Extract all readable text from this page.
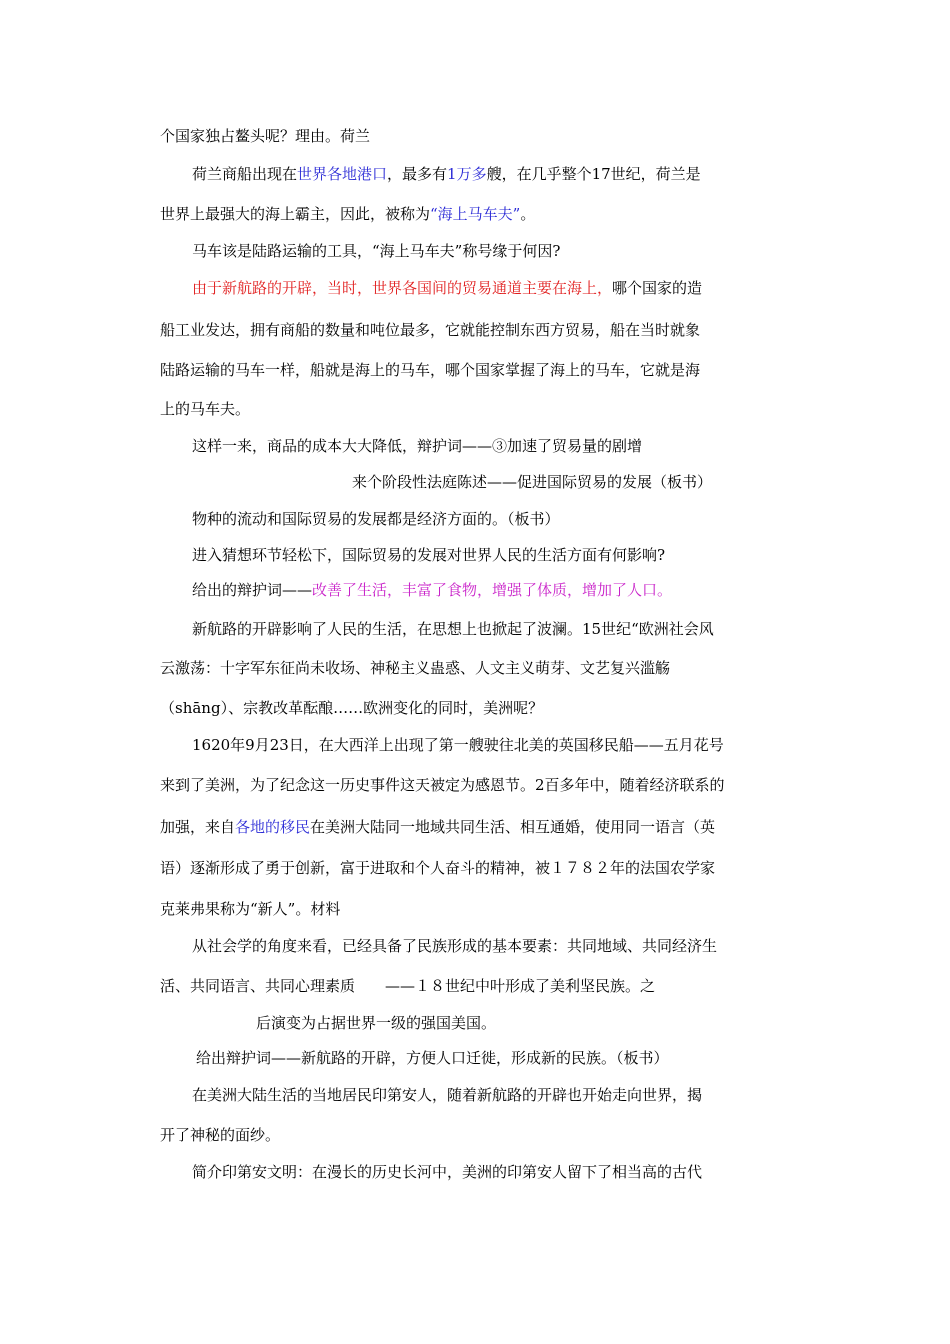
个国家独占鳌头呢？理由。荷兰
荷兰商船出现在世界各地港口，最多有1万多艘，在几乎整个17世纪，荷兰是
世界上最强大的海上霸主，因此，被称为“海上马车夫”。
马车该是陆路运输的工具，“海上马车夫”称号缘于何因?
由于新航路的开辟，当时，世界各国间的贸易通道主要在海上，哪个国家的造
船工业发达，拥有商船的数量和吨位最多，它就能控制东西方贸易，船在当时就象
陆路运输的马车一样，船就是海上的马车，哪个国家掌握了海上的马车，它就是海
上的马车夫。
这样一来，商品的成本大大降低，辩护词——③加速了贸易量的剧增
来个阶段性法庭陈述——促进国际贸易的发展（板书）
物种的流动和国际贸易的发展都是经济方面的。（板书）
进入猜想环节轻松下，国际贸易的发展对世界人民的生活方面有何影响?
给出的辩护词——改善了生活，丰富了食物，增强了体质，增加了人口。
新航路的开辟影响了人民的生活，在思想上也掀起了波澜。15世纪“欧洲社会风
云激荡：十字军东征尚未收场、神秘主义蛊惑、人文主义萌芽、文艺复兴滥觞
（shāng）、宗教改革酝酿……欧洲变化的同时，美洲呢？
1620年9月23日，在大西洋上出现了第一艘驶往北美的英国移民船——五月花号
来到了美洲，为了纪念这一历史事件这天被定为感恩节。2百多年中，随着经济联系的
加强，来自各地的移民在美洲大陆同一地域共同生活、相互通婚，使用同一语言（英
语）逐渐形成了勇于创新，富于进取和个人奋斗的精神，被１７８２年的法国农学家
克莱弗果称为“新人”。材料
从社会学的角度来看，已经具备了民族形成的基本要素：共同地域、共同经济生
活、共同语言、共同心理素质　　——１８世纪中叶形成了美利坚民族。之
后演变为占据世界一级的强国美国。
给出辩护词——新航路的开辟，方便人口迁徙，形成新的民族。（板书）
在美洲大陆生活的当地居民印第安人，随着新航路的开辟也开始走向世界，揭
开了神秘的面纱。
简介印第安文明：在漫长的历史长河中，美洲的印第安人留下了相当高的古代
